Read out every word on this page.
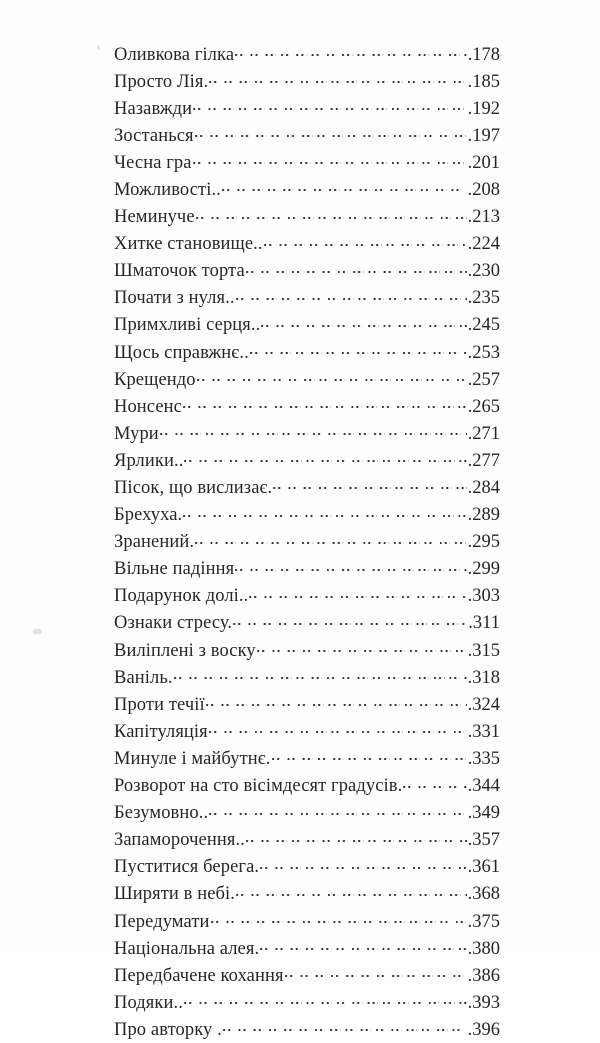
Оливкова гілка	. 178
Просто Лія.	. 185
Назавжди	. 192
Зостанься	. 197
Чесна гра	. 201
Можливості..	. 208
Неминуче	. 213
Хитке становище..	. 224
Шматочок торта	. 230
Почати з нуля..	. 235
Примхливі серця..	. 245
Щось справжнє..	. 253
Крещендо	. 257
Нонсенс	. 265
Мури	. 271
Ярлики..	. 277
Пісок, що вислизає.	. 284
Брехуха.	. 289
Зранений.	. 295
Вільне падіння	. 299
Подарунок долі..	. 303
Ознаки стресу.	. 311
Виліплені з воску	. 315
Ваніль.	. 318
Проти течії	. 324
Капітуляція	. 331
Минуле і майбутнє.	. 335
Розворот на сто вісімдесят градусів.	. 344
Безумовно..	. 349
Запаморочення..	. 357
Пуститися берега.	. 361
Ширяти в небі.	. 368
Передумати	. 375
Національна алея.	. 380
Передбачене кохання	. 386
Подяки..	. 393
Про авторку .	. 396
